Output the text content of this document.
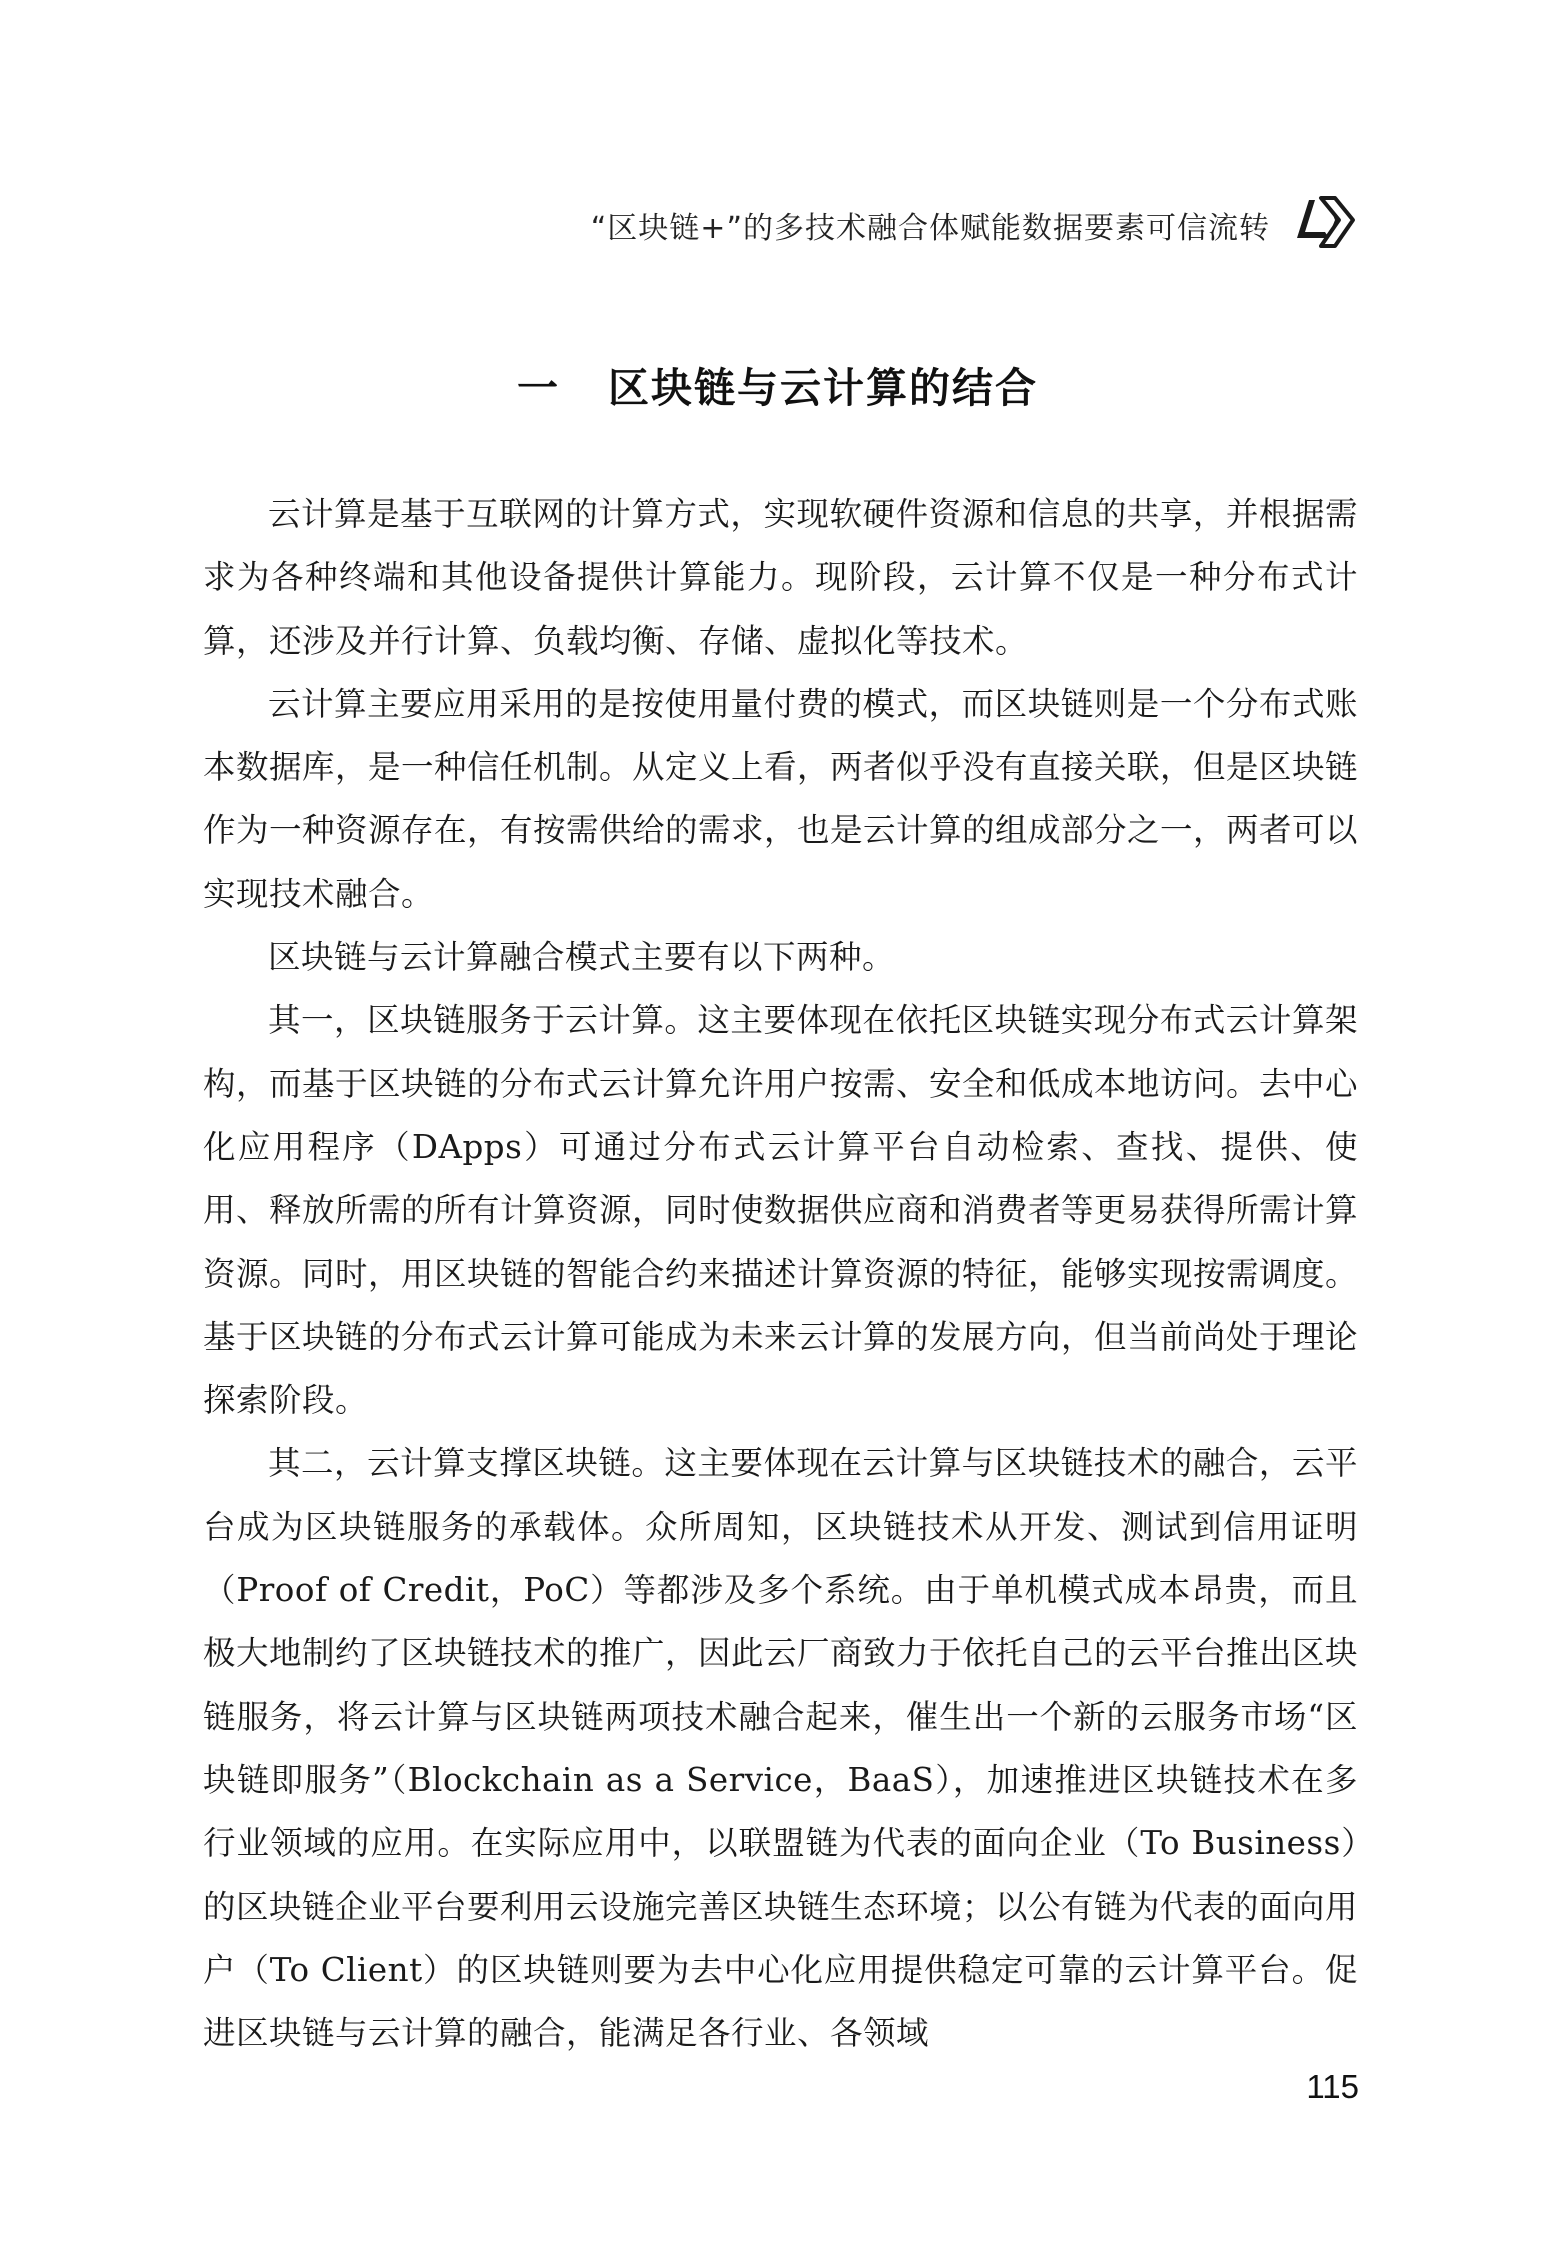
“区块链+”的多技术融合体赋能数据要素可信流转
一 区块链与云计算的结合

云计算是基于互联网的计算方式，实现软硬件资源和信息的共享，并根据需求为各种终端和其他设备提供计算能力。现阶段，云计算不仅是一种分布式计算，还涉及并行计算、负载均衡、存储、虚拟化等技术。

云计算主要应用采用的是按使用量付费的模式，而区块链则是一个分布式账本数据库，是一种信任机制。从定义上看，两者似乎没有直接关联，但是区块链作为一种资源存在，有按需供给的需求，也是云计算的组成部分之一，两者可以实现技术融合。

区块链与云计算融合模式主要有以下两种。

其一，区块链服务于云计算。这主要体现在依托区块链实现分布式云计算架构，而基于区块链的分布式云计算允许用户按需、安全和低成本地访问。去中心化应用程序（DApps）可通过分布式云计算平台自动检索、查找、提供、使用、释放所需的所有计算资源，同时使数据供应商和消费者等更易获得所需计算资源。同时，用区块链的智能合约来描述计算资源的特征，能够实现按需调度。基于区块链的分布式云计算可能成为未来云计算的发展方向，但当前尚处于理论探索阶段。

其二，云计算支撑区块链。这主要体现在云计算与区块链技术的融合，云平台成为区块链服务的承载体。众所周知，区块链技术从开发、测试到信用证明（Proof of Credit，PoC）等都涉及多个系统。由于单机模式成本昂贵，而且极大地制约了区块链技术的推广，因此云厂商致力于依托自己的云平台推出区块链服务，将云计算与区块链两项技术融合起来，催生出一个新的云服务市场“区块链即服务”（Blockchain as a Service，BaaS），加速推进区块链技术在多行业领域的应用。在实际应用中，以联盟链为代表的面向企业（To Business）的区块链企业平台要利用云设施完善区块链生态环境；以公有链为代表的面向用户（To Client）的区块链则要为去中心化应用提供稳定可靠的云计算平台。促进区块链与云计算的融合，能满足各行业、各领域

115
